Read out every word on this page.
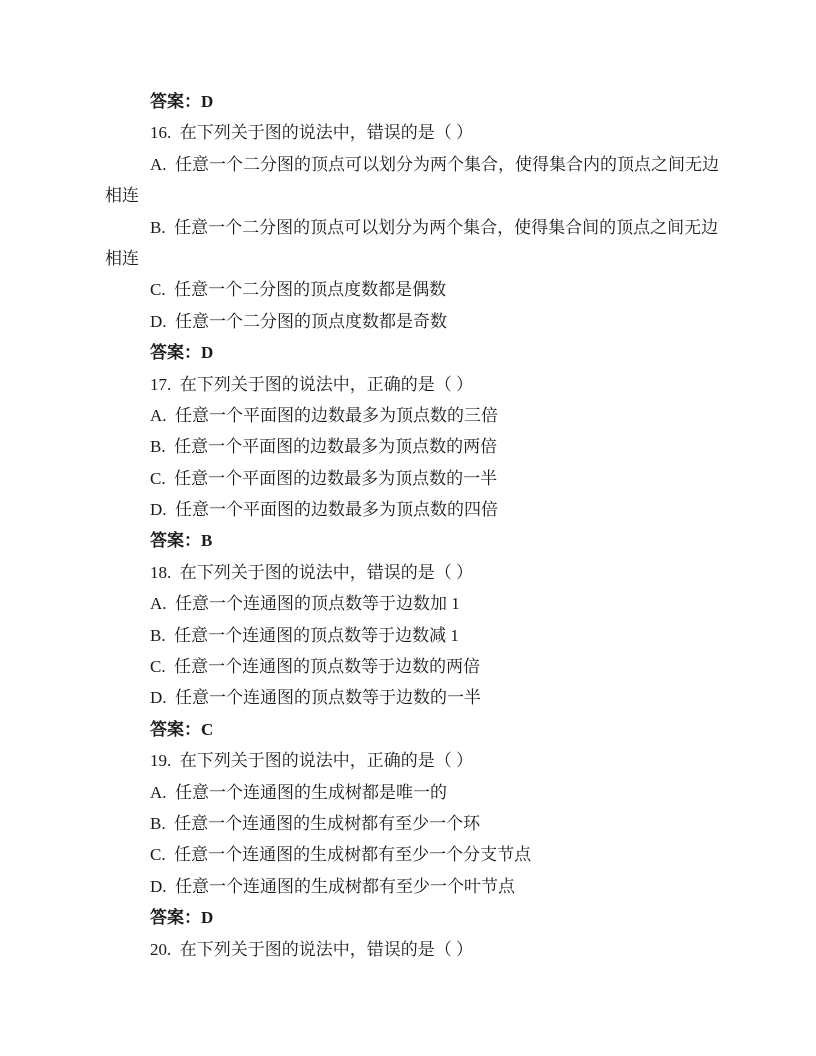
答案：D
16.  在下列关于图的说法中，错误的是（ ）
A.  任意一个二分图的顶点可以划分为两个集合，使得集合内的顶点之间无边
相连
B.  任意一个二分图的顶点可以划分为两个集合，使得集合间的顶点之间无边
相连
C.  任意一个二分图的顶点度数都是偶数
D.  任意一个二分图的顶点度数都是奇数
答案：D
17.  在下列关于图的说法中，正确的是（ ）
A.  任意一个平面图的边数最多为顶点数的三倍
B.  任意一个平面图的边数最多为顶点数的两倍
C.  任意一个平面图的边数最多为顶点数的一半
D.  任意一个平面图的边数最多为顶点数的四倍
答案：B
18.  在下列关于图的说法中，错误的是（ ）
A.  任意一个连通图的顶点数等于边数加 1
B.  任意一个连通图的顶点数等于边数减 1
C.  任意一个连通图的顶点数等于边数的两倍
D.  任意一个连通图的顶点数等于边数的一半
答案：C
19.  在下列关于图的说法中，正确的是（ ）
A.  任意一个连通图的生成树都是唯一的
B.  任意一个连通图的生成树都有至少一个环
C.  任意一个连通图的生成树都有至少一个分支节点
D.  任意一个连通图的生成树都有至少一个叶节点
答案：D
20.  在下列关于图的说法中，错误的是（ ）
